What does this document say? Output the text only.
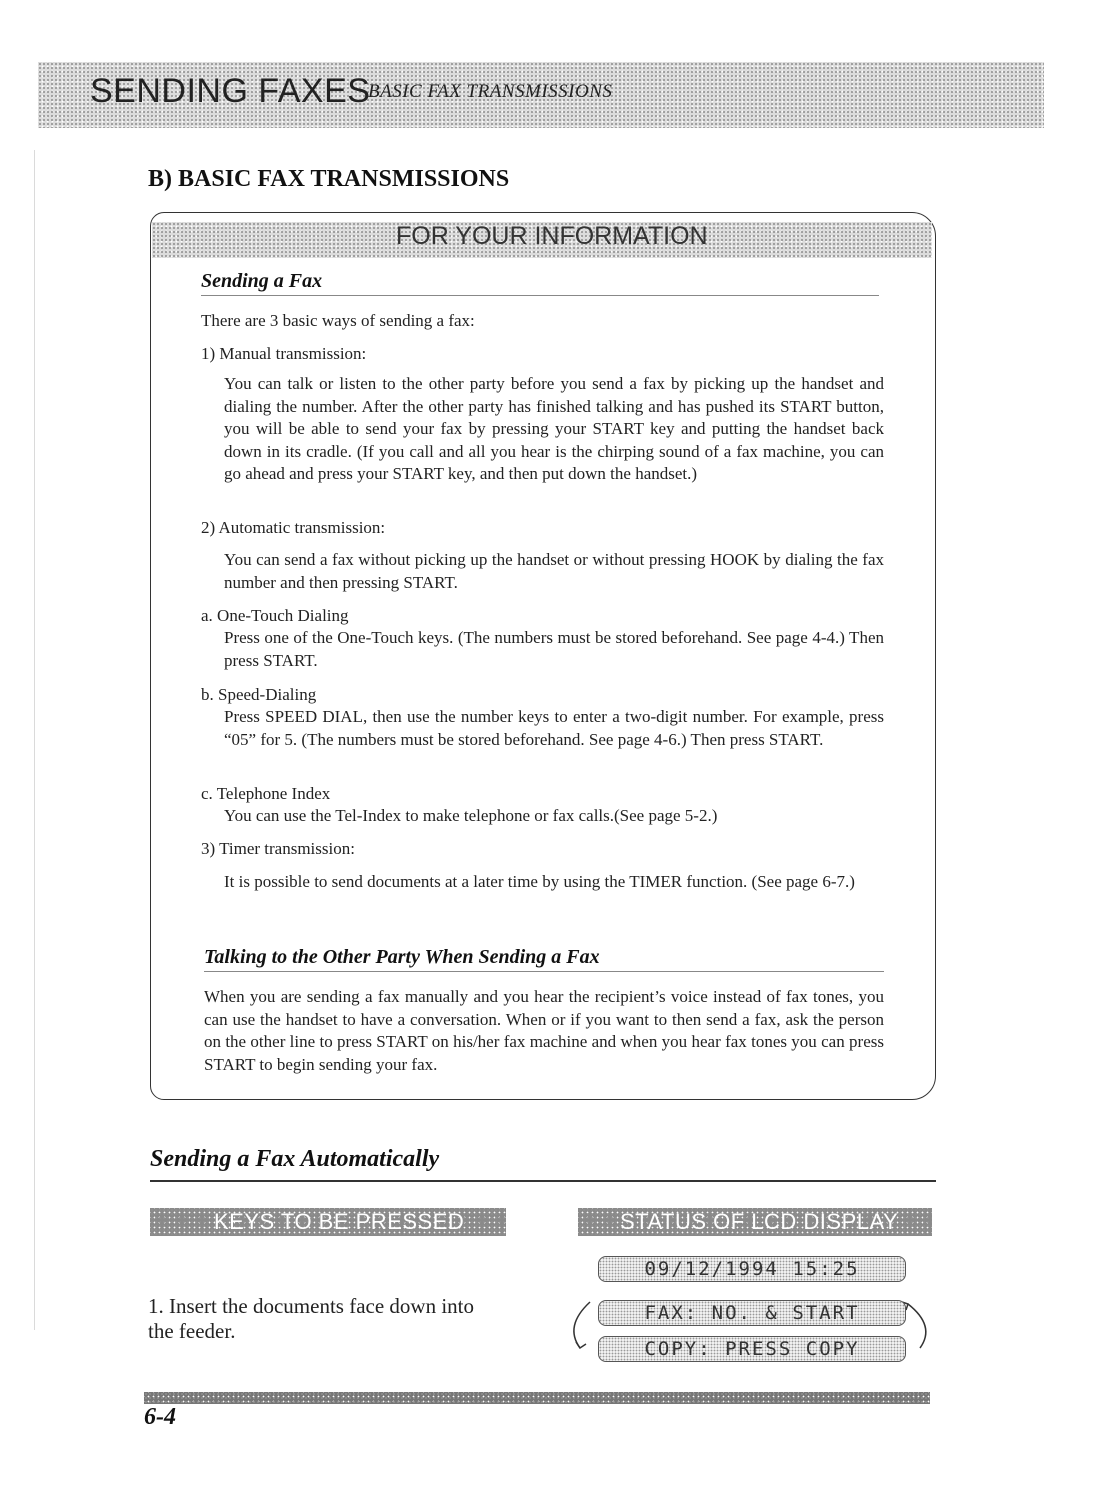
SENDING FAXES
BASIC FAX TRANSMISSIONS
B) BASIC FAX TRANSMISSIONS
FOR YOUR INFORMATION
Sending a Fax
There are 3 basic ways of sending a fax:
1) Manual transmission:
You can talk or listen to the other party before you send a fax by picking up the handset and dialing the number. After the other party has finished talking and has pushed its START button, you will be able to send your fax by pressing your START key and putting the handset back down in its cradle. (If you call and all you hear is the chirping sound of a fax machine, you can go ahead and press your START key, and then put down the handset.)
2) Automatic transmission:
You can send a fax without picking up the handset or without pressing HOOK by dialing the fax number and then pressing START.
a. One-Touch Dialing
Press one of the One-Touch keys. (The numbers must be stored beforehand. See page 4-4.) Then press START.
b. Speed-Dialing
Press SPEED DIAL, then use the number keys to enter a two-digit number. For example, press “05” for 5. (The numbers must be stored beforehand. See page 4-6.) Then press START.
c. Telephone Index
You can use the Tel-Index to make telephone or fax calls.(See page 5-2.)
3) Timer transmission:
It is possible to send documents at a later time by using the TIMER function. (See page 6-7.)
Talking to the Other Party When Sending a Fax
When you are sending a fax manually and you hear the recipient’s voice instead of fax tones, you can use the handset to have a conversation. When or if you want to then send a fax, ask the person on the other line to press START on his/her fax machine and when you hear fax tones you can press START to begin sending your fax.
Sending a Fax Automatically
KEYS TO BE PRESSED	STATUS OF LCD DISPLAY
09/12/1994 15:25
1. Insert the documents face down into the feeder.
FAX: NO. & START
COPY: PRESS COPY
6-4
